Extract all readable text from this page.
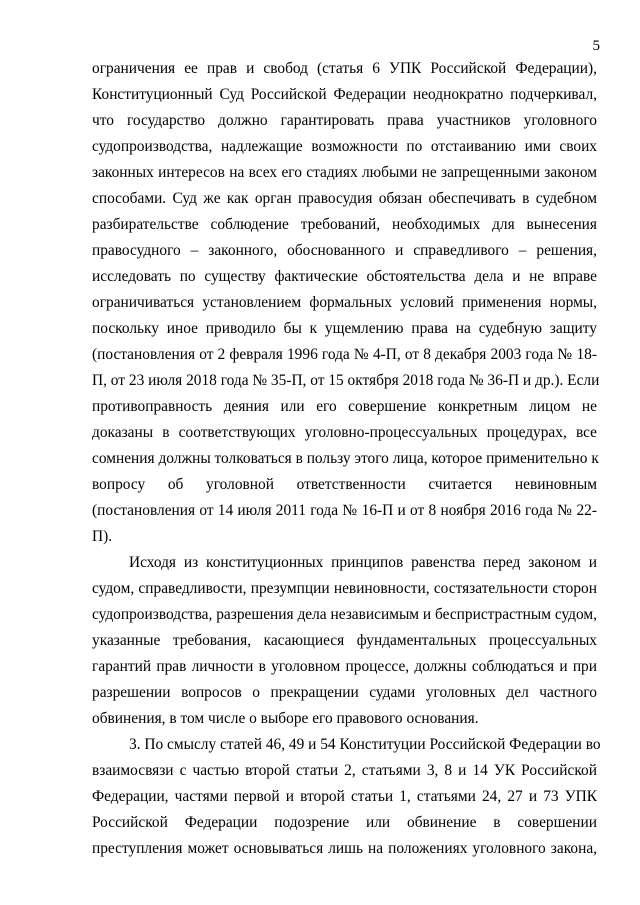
5
ограничения ее прав и свобод (статья 6 УПК Российской Федерации),
Конституционный Суд Российской Федерации неоднократно подчеркивал,
что государство должно гарантировать права участников уголовного
судопроизводства, надлежащие возможности по отстаиванию ими своих
законных интересов на всех его стадиях любыми не запрещенными законом
способами. Суд же как орган правосудия обязан обеспечивать в судебном
разбирательстве соблюдение требований, необходимых для вынесения
правосудного – законного, обоснованного и справедливого – решения,
исследовать по существу фактические обстоятельства дела и не вправе
ограничиваться установлением формальных условий применения нормы,
поскольку иное приводило бы к ущемлению права на судебную защиту
(постановления от 2 февраля 1996 года № 4-П, от 8 декабря 2003 года № 18-
П, от 23 июля 2018 года № 35-П, от 15 октября 2018 года № 36-П и др.). Если
противоправность деяния или его совершение конкретным лицом не
доказаны в соответствующих уголовно-процессуальных процедурах, все
сомнения должны толковаться в пользу этого лица, которое применительно к
вопросу об уголовной ответственности считается невиновным
(постановления от 14 июля 2011 года № 16-П и от 8 ноября 2016 года № 22-
П).
Исходя из конституционных принципов равенства перед законом и
судом, справедливости, презумпции невиновности, состязательности сторон
судопроизводства, разрешения дела независимым и беспристрастным судом,
указанные требования, касающиеся фундаментальных процессуальных
гарантий прав личности в уголовном процессе, должны соблюдаться и при
разрешении вопросов о прекращении судами уголовных дел частного
обвинения, в том числе о выборе его правового основания.
3. По смыслу статей 46, 49 и 54 Конституции Российской Федерации во
взаимосвязи с частью второй статьи 2, статьями 3, 8 и 14 УК Российской
Федерации, частями первой и второй статьи 1, статьями 24, 27 и 73 УПК
Российской Федерации подозрение или обвинение в совершении
преступления может основываться лишь на положениях уголовного закона,
